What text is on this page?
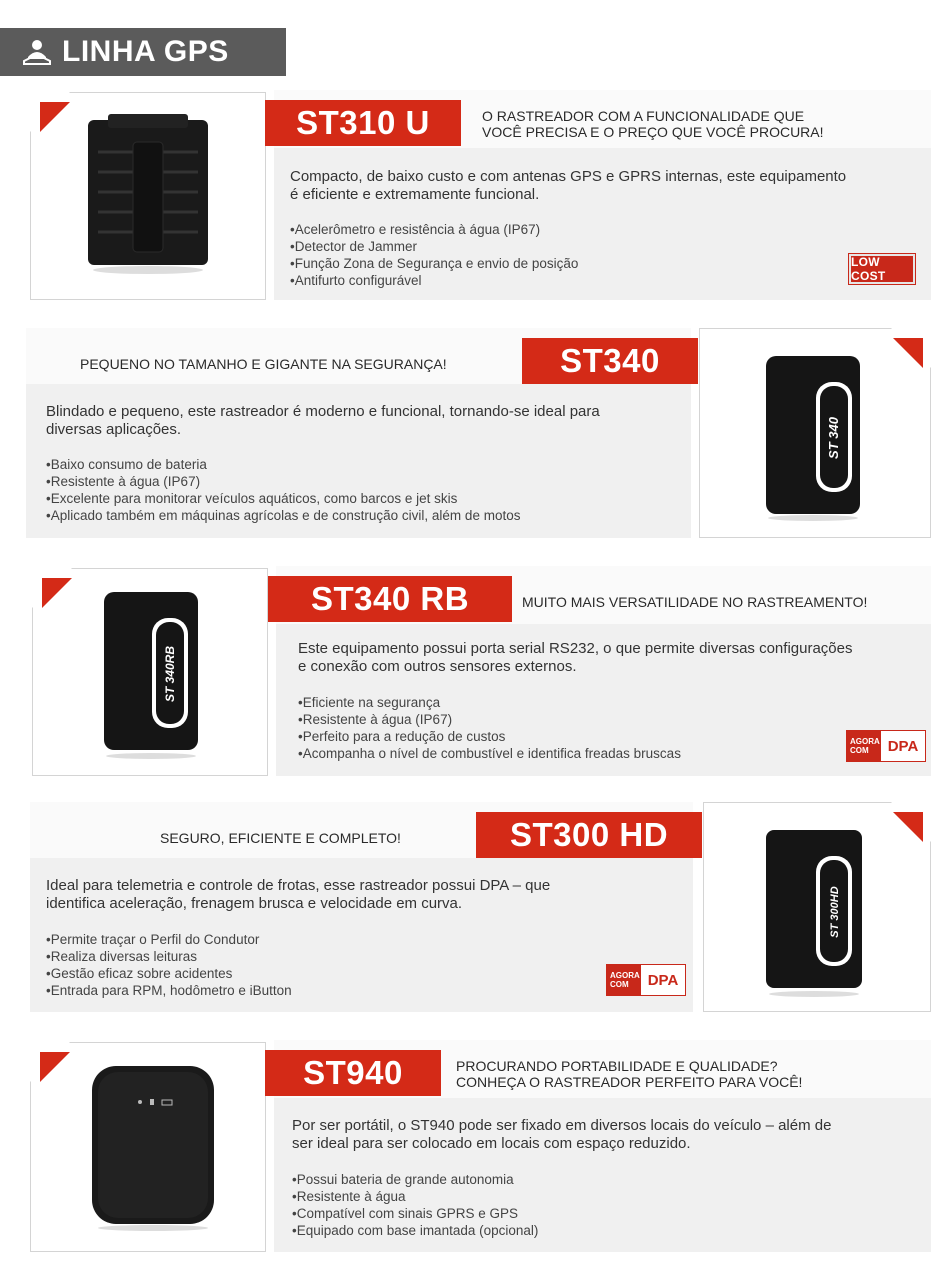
LINHA GPS
ST310 U	O RASTREADOR COM A FUNCIONALIDADE QUE
VOCÊ PRECISA E O PREÇO QUE VOCÊ PROCURA!
Compacto, de baixo custo e com antenas GPS e GPRS internas, este equipamento
é eficiente e extremamente funcional.
• Acelerômetro e resistência à água (IP67)
• Detector de Jammer
• Função Zona de Segurança e envio de posição
• Antifurto configurável
LOW COST
ST 340
ST340
PEQUENO NO TAMANHO E GIGANTE NA SEGURANÇA!
Blindado e pequeno, este rastreador é moderno e funcional, tornando-se ideal para
diversas aplicações.
• Baixo consumo de bateria
• Resistente à água (IP67)
• Excelente para monitorar veículos aquáticos, como barcos e jet skis
• Aplicado também em máquinas agrícolas e de construção civil, além de motos
ST 340RB
ST340 RB	MUITO MAIS VERSATILIDADE NO RASTREAMENTO!
Este equipamento possui porta serial RS232, o que permite diversas configurações
e conexão com outros sensores externos.
• Eficiente na segurança
• Resistente à água (IP67)
• Perfeito para a redução de custos
• Acompanha o nível de combustível e identifica freadas bruscas
AGORA
COM	DPA
ST 300HD
ST300 HD
SEGURO, EFICIENTE E COMPLETO!
Ideal para telemetria e controle de frotas, esse rastreador possui DPA – que
identifica aceleração, frenagem brusca e velocidade em curva.
• Permite traçar o Perfil do Condutor
• Realiza diversas leituras
• Gestão eficaz sobre acidentes
• Entrada para RPM, hodômetro e iButton
AGORA
COM	DPA
ST940	PROCURANDO PORTABILIDADE E QUALIDADE?
CONHEÇA O RASTREADOR PERFEITO PARA VOCÊ!
Por ser portátil, o ST940 pode ser fixado em diversos locais do veículo – além de
ser ideal para ser colocado em locais com espaço reduzido.
• Possui bateria de grande autonomia
• Resistente à água
• Compatível com sinais GPRS e GPS
• Equipado com base imantada (opcional)
